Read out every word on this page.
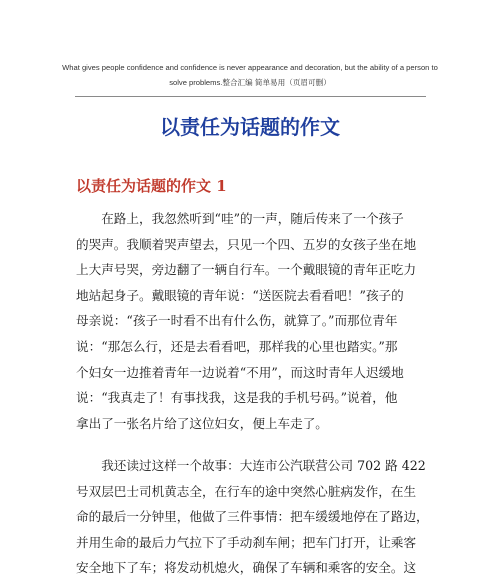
What gives people confidence and confidence is never appearance and decoration, but the ability of a person to
solve problems.整合汇编 简单易用（页眉可删）
以责任为话题的作文
以责任为话题的作文 1
　　在路上，我忽然听到“哇”的一声，随后传来了一个孩子
的哭声。我顺着哭声望去，只见一个四、五岁的女孩子坐在地
上大声号哭，旁边翻了一辆自行车。一个戴眼镜的青年正吃力
地站起身子。戴眼镜的青年说：“送医院去看看吧！”孩子的
母亲说：“孩子一时看不出有什么伤，就算了。”而那位青年
说：“那怎么行，还是去看看吧，那样我的心里也踏实。”那
个妇女一边推着青年一边说着“不用”，而这时青年人迟缓地
说：“我真走了！有事找我，这是我的手机号码。”说着，他
拿出了一张名片给了这位妇女，便上车走了。
　　我还读过这样一个故事：大连市公汽联营公司 702 路 422
号双层巴士司机黄志全，在行车的途中突然心脏病发作，在生
命的最后一分钟里，他做了三件事情：把车缓缓地停在了路边，
并用生命的最后力气拉下了手动刹车闸；把车门打开，让乘客
安全地下了车；将发动机熄火，确保了车辆和乘客的安全。这
